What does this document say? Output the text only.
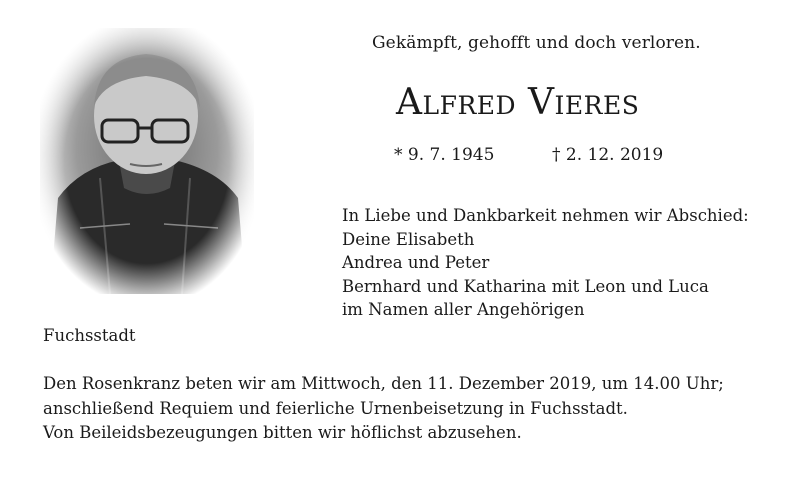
Gekämpft, gehofft und doch verloren.
Alfred Vieres
* 9. 7. 1945	† 2. 12. 2019
In Liebe und Dankbarkeit nehmen wir Abschied:
Deine Elisabeth
Andrea und Peter
Bernhard und Katharina mit Leon und Luca
im Namen aller Angehörigen
Fuchsstadt
Den Rosenkranz beten wir am Mittwoch, den 11. Dezember 2019, um 14.00 Uhr;
anschließend Requiem und feierliche Urnenbeisetzung in Fuchsstadt.
Von Beileidsbezeugungen bitten wir höflichst abzusehen.
